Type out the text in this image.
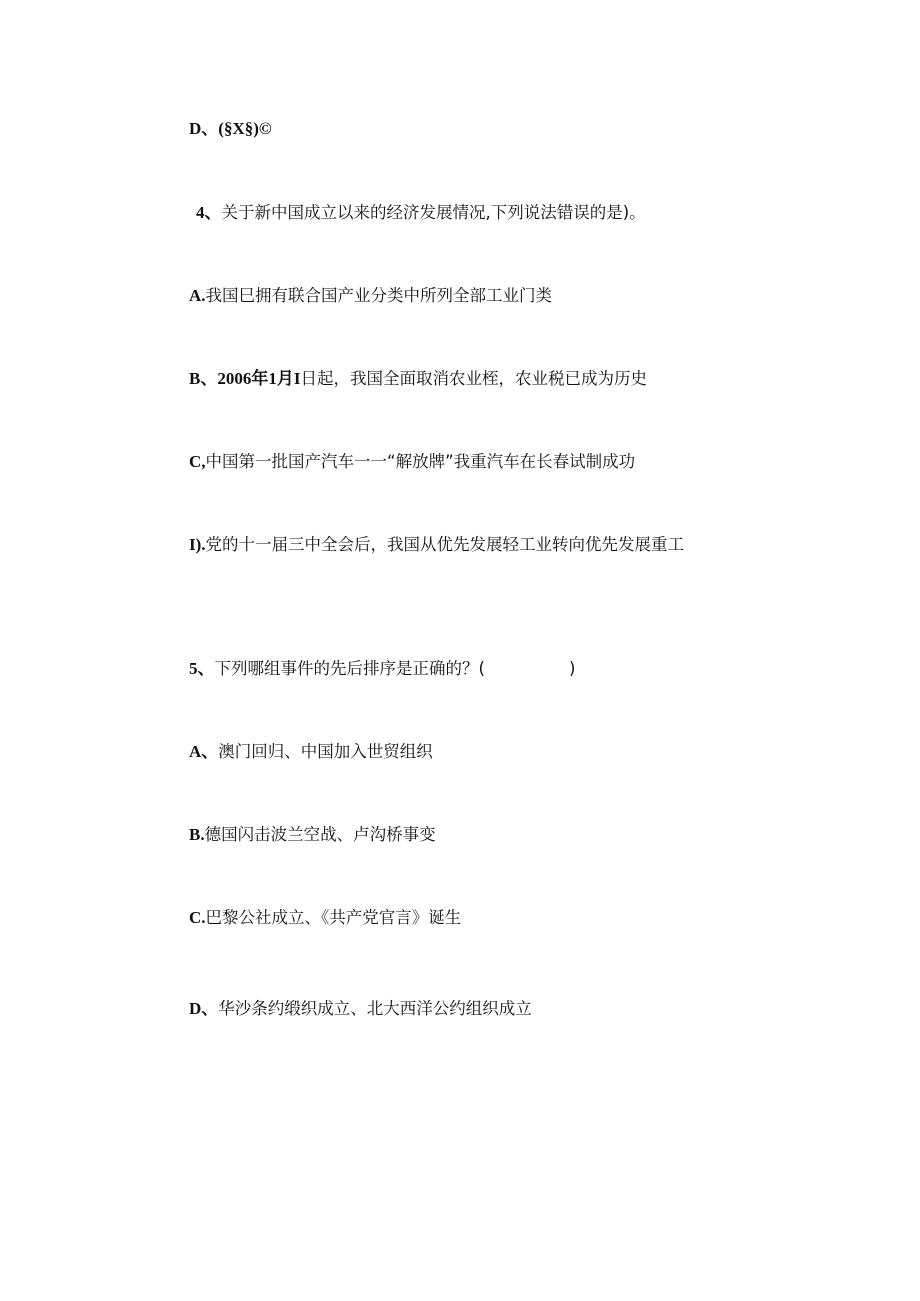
D、(§X§)©

4、关于新中国成立以来的经济发展情况,下列说法错误的是)。

A.我国巳拥有联合国产业分类中所列全部工业门类

B、2006年1月I日起，我国全面取消农业桎，农业税已成为历史

C,中国第一批国产汽车一一“解放牌”我重汽车在长春试制成功

I).党的十一届三中全会后，我国从优先发展轻工业转向优先发展重工

5、下列哪组事件的先后排序是正确的？(	)

A、澳门回归、中国加入世贸组织

B.德国闪击波兰空战、卢沟桥事变

C.巴黎公社成立、《共产党官言》诞生

D、华沙条约缎织成立、北大西洋公约组织成立
